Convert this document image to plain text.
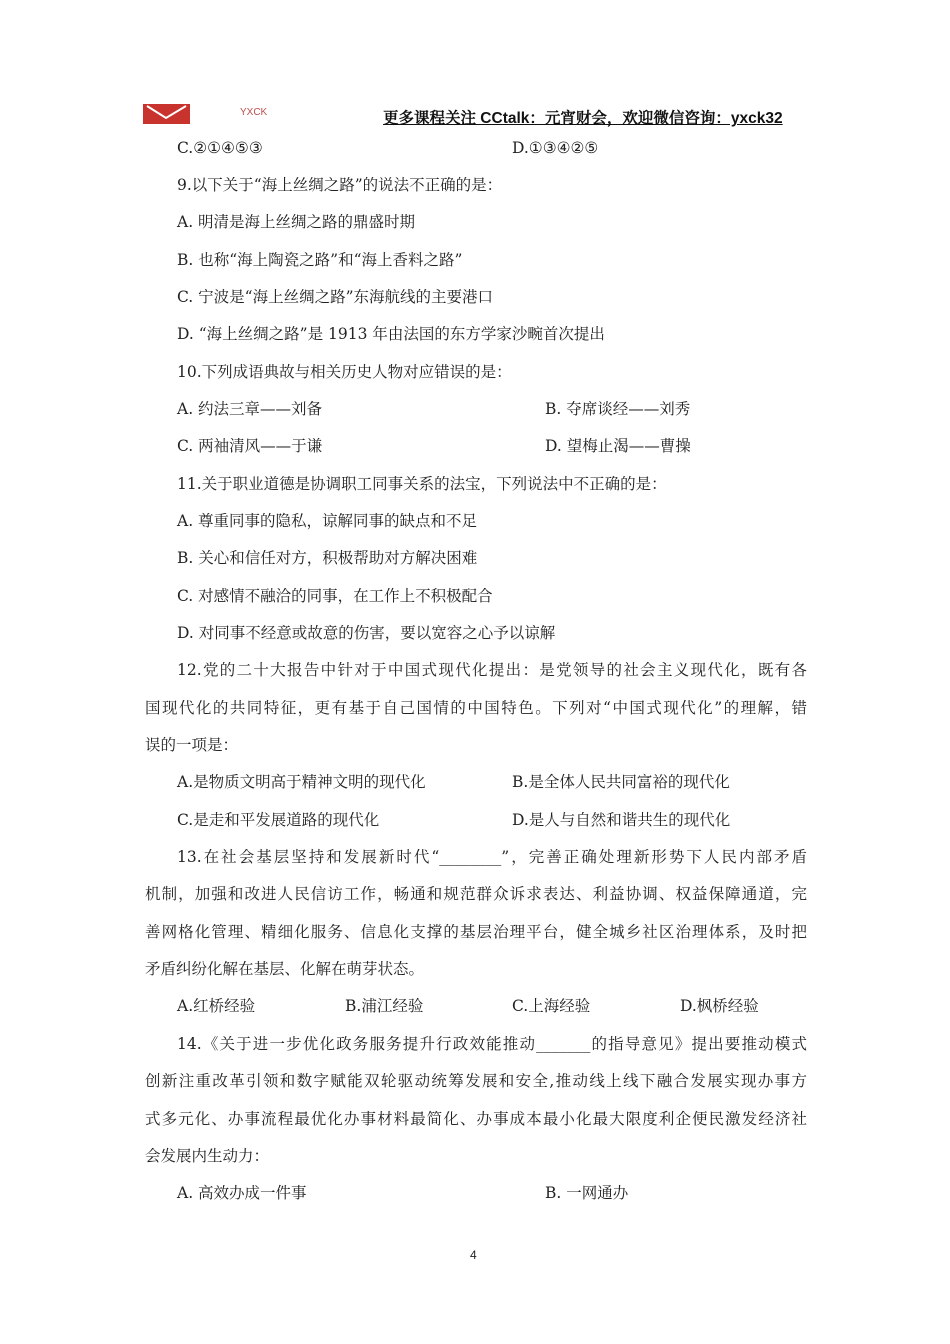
YXCK	更多课程关注 CCtalk：元宵财会，欢迎微信咨询：yxck32
C.②①④⑤③	D.①③④②⑤
9.以下关于“海上丝绸之路”的说法不正确的是：
A. 明清是海上丝绸之路的鼎盛时期
B. 也称“海上陶瓷之路”和“海上香料之路”
C. 宁波是“海上丝绸之路”东海航线的主要港口
D. “海上丝绸之路”是 1913 年由法国的东方学家沙畹首次提出
10.下列成语典故与相关历史人物对应错误的是：
A. 约法三章——刘备	B. 夺席谈经——刘秀
C. 两袖清风——于谦	D. 望梅止渴——曹操
11.关于职业道德是协调职工同事关系的法宝，下列说法中不正确的是：
A. 尊重同事的隐私，谅解同事的缺点和不足
B. 关心和信任对方，积极帮助对方解决困难
C. 对感情不融洽的同事，在工作上不积极配合
D. 对同事不经意或故意的伤害，要以宽容之心予以谅解
12.党的二十大报告中针对于中国式现代化提出：是党领导的社会主义现代化，既有各
国现代化的共同特征，更有基于自己国情的中国特色。下列对“中国式现代化”的理解，错
误的一项是：
A.是物质文明高于精神文明的现代化	B.是全体人民共同富裕的现代化
C.是走和平发展道路的现代化	D.是人与自然和谐共生的现代化
13.在社会基层坚持和发展新时代“________”，完善正确处理新形势下人民内部矛盾
机制，加强和改进人民信访工作，畅通和规范群众诉求表达、利益协调、权益保障通道，完
善网格化管理、精细化服务、信息化支撑的基层治理平台，健全城乡社区治理体系，及时把
矛盾纠纷化解在基层、化解在萌芽状态。
A.红桥经验	B.浦江经验	C.上海经验	D.枫桥经验
14.《关于进一步优化政务服务提升行政效能推动_______的指导意见》提出要推动模式
创新注重改革引领和数字赋能双轮驱动统筹发展和安全,推动线上线下融合发展实现办事方
式多元化、办事流程最优化办事材料最简化、办事成本最小化最大限度利企便民激发经济社
会发展内生动力：
A. 高效办成一件事	B. 一网通办
4
